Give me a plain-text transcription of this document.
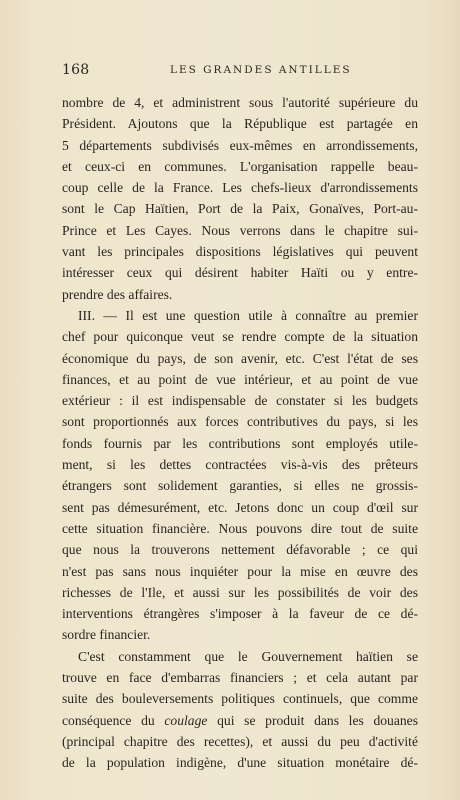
168	LES GRANDES ANTILLES
nombre de 4, et administrent sous l'autorité supérieure du
Président. Ajoutons que la République est partagée en
5 départements subdivisés eux-mêmes en arrondissements,
et ceux-ci en communes. L'organisation rappelle beau-
coup celle de la France. Les chefs-lieux d'arrondissements
sont le Cap Haïtien, Port de la Paix, Gonaïves, Port-au-
Prince et Les Cayes. Nous verrons dans le chapitre sui-
vant les principales dispositions législatives qui peuvent
intéresser ceux qui désirent habiter Haïti ou y entre-
prendre des affaires.
III. — Il est une question utile à connaître au premier
chef pour quiconque veut se rendre compte de la situation
économique du pays, de son avenir, etc. C'est l'état de ses
finances, et au point de vue intérieur, et au point de vue
extérieur : il est indispensable de constater si les budgets
sont proportionnés aux forces contributives du pays, si les
fonds fournis par les contributions sont employés utile-
ment, si les dettes contractées vis-à-vis des prêteurs
étrangers sont solidement garanties, si elles ne grossis-
sent pas démesurément, etc. Jetons donc un coup d'œil sur
cette situation financière. Nous pouvons dire tout de suite
que nous la trouverons nettement défavorable ; ce qui
n'est pas sans nous inquiéter pour la mise en œuvre des
richesses de l'Ile, et aussi sur les possibilités de voir des
interventions étrangères s'imposer à la faveur de ce dé-
sordre financier.
C'est constamment que le Gouvernement haïtien se
trouve en face d'embarras financiers ; et cela autant par
suite des bouleversements politiques continuels, que comme
conséquence du coulage qui se produit dans les douanes
(principal chapitre des recettes), et aussi du peu d'activité
de la population indigène, d'une situation monétaire dé-
